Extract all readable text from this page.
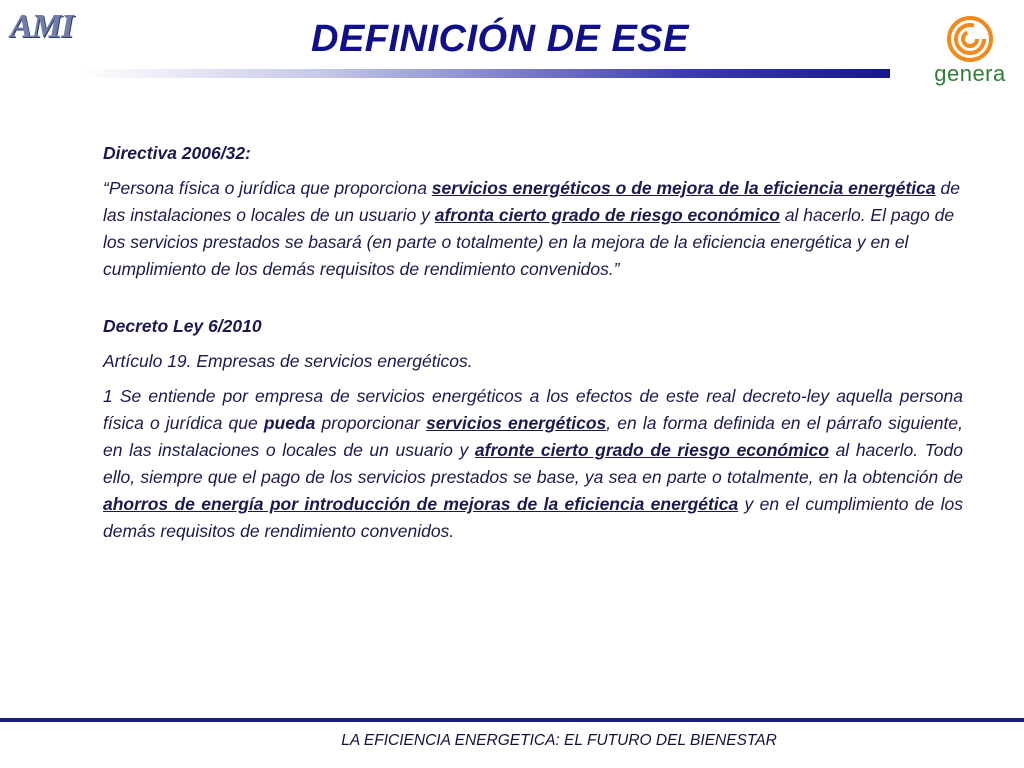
AMI	DEFINICIÓN DE ESE
genera

Directiva 2006/32:

“Persona física o jurídica que proporciona servicios energéticos o de mejora de la eficiencia energética de las instalaciones o locales de un usuario y afronta cierto grado de riesgo económico al hacerlo. El pago de los servicios prestados se basará (en parte o totalmente) en la mejora de la eficiencia energética y en el cumplimiento de los demás requisitos de rendimiento convenidos.”

Decreto Ley 6/2010

Artículo 19. Empresas de servicios energéticos.

1 Se entiende por empresa de servicios energéticos a los efectos de este real decreto-ley aquella persona física o jurídica que pueda proporcionar servicios energéticos, en la forma definida en el párrafo siguiente, en las instalaciones o locales de un usuario y afronte cierto grado de riesgo económico al hacerlo. Todo ello, siempre que el pago de los servicios prestados se base, ya sea en parte o totalmente, en la obtención de ahorros de energía por introducción de mejoras de la eficiencia energética y en el cumplimiento de los demás requisitos de rendimiento convenidos.

LA EFICIENCIA ENERGETICA: EL FUTURO DEL BIENESTAR
